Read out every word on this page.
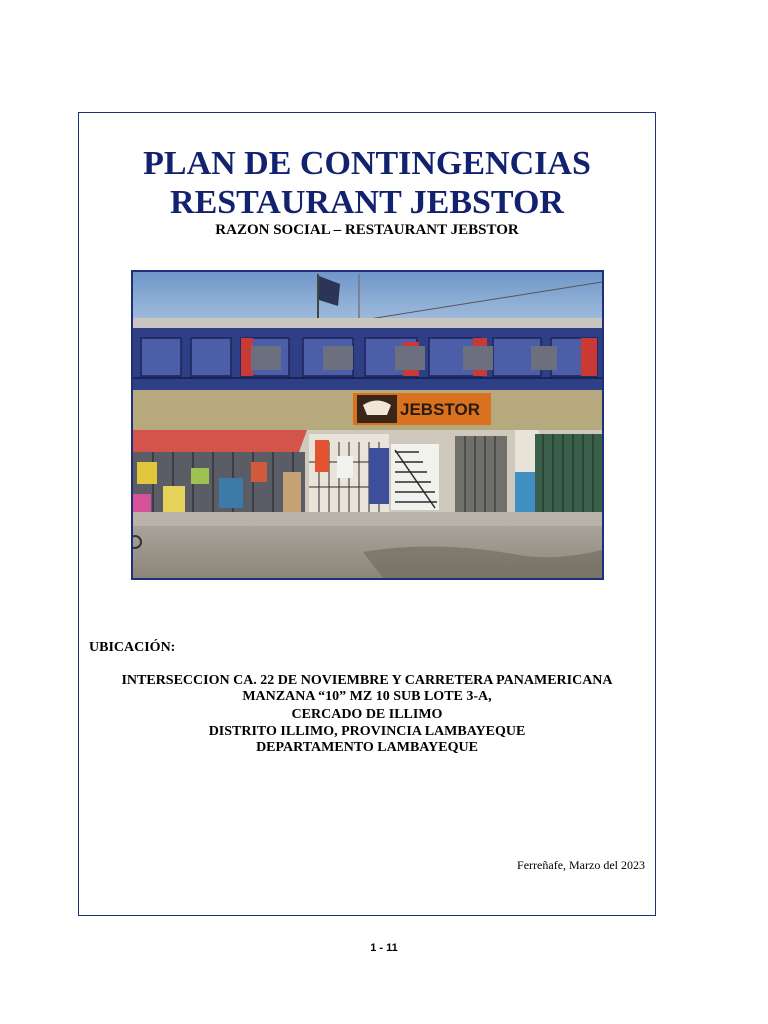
PLAN DE CONTINGENCIAS
RESTAURANT JEBSTOR
RAZON SOCIAL – RESTAURANT JEBSTOR
JEBSTOR
UBICACIÓN:
INTERSECCION CA. 22 DE NOVIEMBRE Y CARRETERA PANAMERICANA
MANZANA “10” MZ 10 SUB LOTE 3-A,
CERCADO DE ILLIMO
DISTRITO ILLIMO, PROVINCIA LAMBAYEQUE
DEPARTAMENTO LAMBAYEQUE
Ferreñafe, Marzo del 2023
1 - 11
